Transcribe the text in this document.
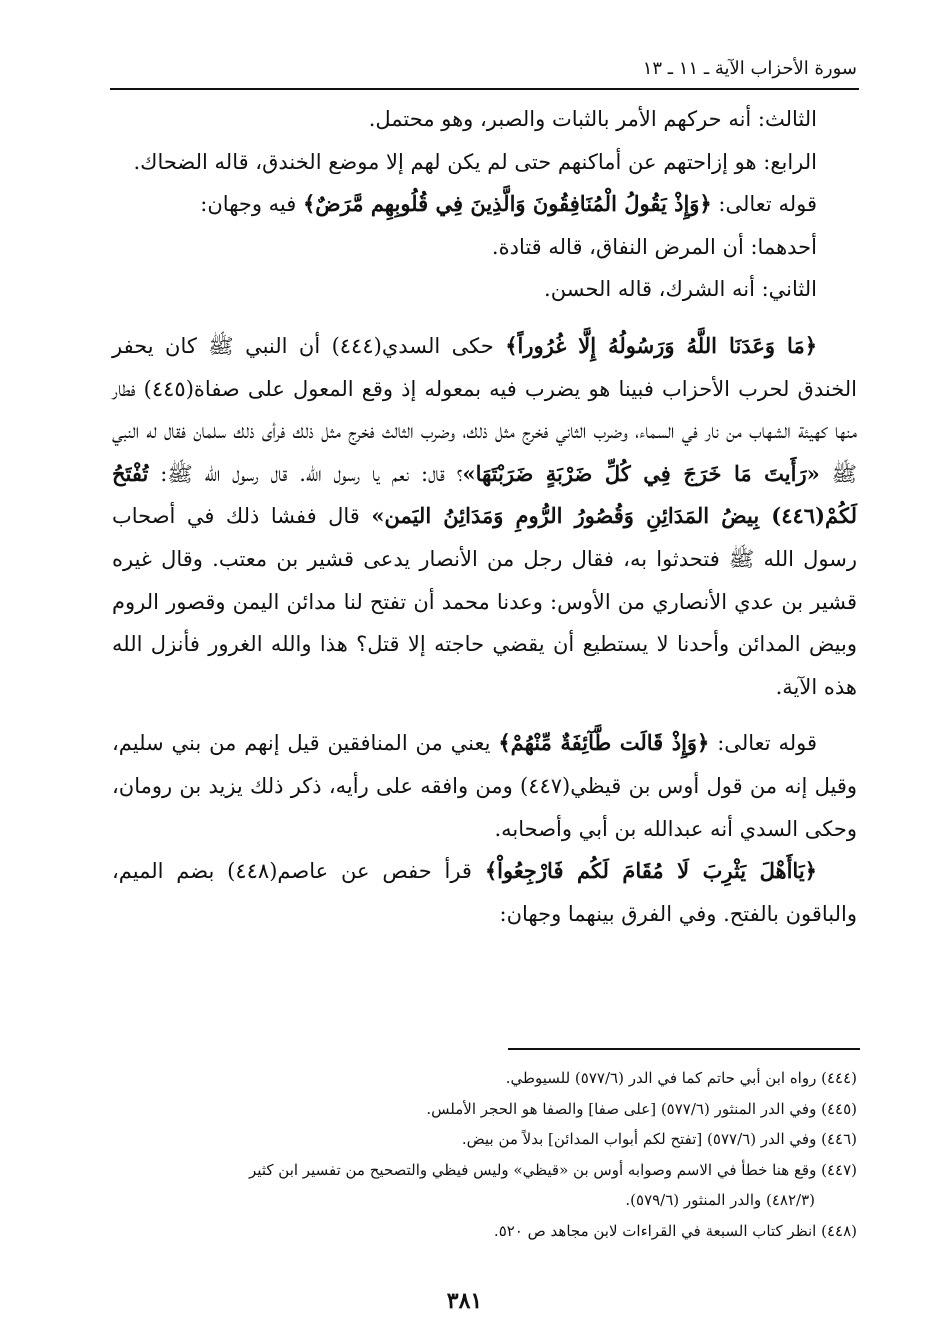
سورة الأحزاب الآية ـ ١١ ـ ١٣

الثالث: أنه حركهم الأمر بالثبات والصبر، وهو محتمل.

الرابع: هو إزاحتهم عن أماكنهم حتى لم يكن لهم إلا موضع الخندق، قاله الضحاك.

قوله تعالى: ﴿وَإِذْ يَقُولُ الْمُنَافِقُونَ وَالَّذِينَ فِي قُلُوبِهِم مَّرَضٌ﴾ فيه وجهان:

أحدهما: أن المرض النفاق، قاله قتادة.

الثاني: أنه الشرك، قاله الحسن.

﴿مَا وَعَدَنَا اللَّهُ وَرَسُولُهُ إِلَّا غُرُوراً﴾ حكى السدي(٤٤٤) أن النبي ﷺ كان يحفر الخندق لحرب الأحزاب فبينا هو يضرب فيه بمعوله إذ وقع المعول على صفاة(٤٤٥) فطار منها كهيئة الشهاب من نار في السماء، وضرب الثاني فخرج مثل ذلك، وضرب الثالث فخرج مثل ذلك فرأى ذلك سلمان فقال له النبي ﷺ «رَأَيتَ مَا خَرَجَ فِي كُلِّ ضَرْبَةٍ ضَرَبْتَهَا»؟ قال: نعم يا رسول الله. قال رسول الله ﷺ: تُفْتَحُ لَكُمْ(٤٤٦) بِيضُ المَدَائِنِ وَقُصُورُ الرُّومِ وَمَدَائِنُ اليَمن» قال ففشا ذلك في أصحاب رسول الله ﷺ فتحدثوا به، فقال رجل من الأنصار يدعى قشير بن معتب. وقال غيره قشير بن عدي الأنصاري من الأوس: وعدنا محمد أن تفتح لنا مدائن اليمن وقصور الروم وبيض المدائن وأحدنا لا يستطيع أن يقضي حاجته إلا قتل؟ هذا والله الغرور فأنزل الله هذه الآية.

قوله تعالى: ﴿وَإِذْ قَالَت طَّآئِفَةٌ مِّنْهُمْ﴾ يعني من المنافقين قيل إنهم من بني سليم، وقيل إنه من قول أوس بن قيظي(٤٤٧) ومن وافقه على رأيه، ذكر ذلك يزيد بن رومان، وحكى السدي أنه عبدالله بن أبي وأصحابه.

﴿يَاأَهْلَ يَثْرِبَ لَا مُقَامَ لَكُم فَارْجِعُواْ﴾ قرأ حفص عن عاصم(٤٤٨) بضم الميم، والباقون بالفتح. وفي الفرق بينهما وجهان:

(٤٤٤) رواه ابن أبي حاتم كما في الدر (٥٧٧/٦) للسيوطي.

(٤٤٥) وفي الدر المنثور (٥٧٧/٦) [على صفا] والصفا هو الحجر الأملس.

(٤٤٦) وفي الدر (٥٧٧/٦) [تفتح لكم أبواب المدائن] بدلاً من بيض.

(٤٤٧) وقع هنا خطأ في الاسم وصوابه أوس بن «قيظي» وليس فيظي والتصحيح من تفسير ابن كثير

(٤٨٢/٣) والدر المنثور (٥٧٩/٦).

(٤٤٨) انظر كتاب السبعة في القراءات لابن مجاهد ص ٥٢٠.

٣٨١
